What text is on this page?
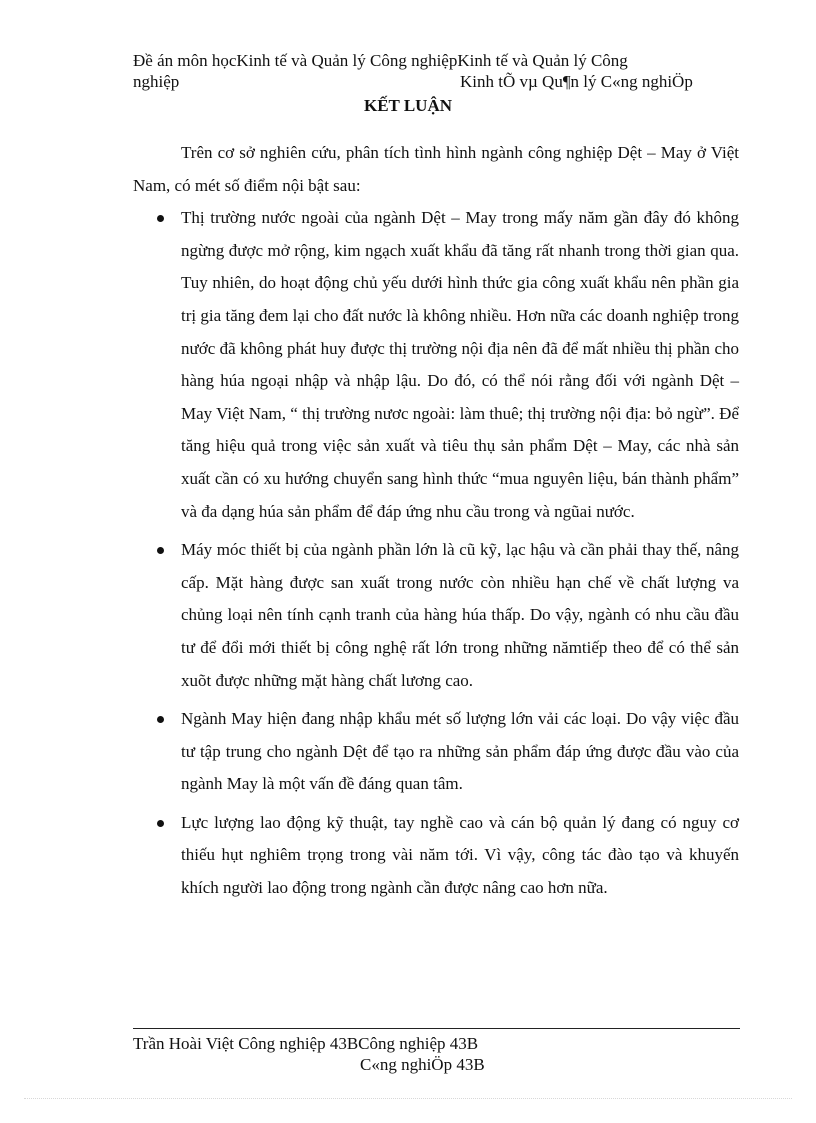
Đề án môn họcKinh tế và Quản lý Công nghiệpKinh tế và Quản lý Công
nghiệp	Kinh tÕ vµ Qu¶n lý C«ng nghiÖp
KẾT LUẬN

Trên cơ sở nghiên cứu, phân tích tình hình ngành công nghiệp Dệt – May ở Việt Nam, có mét số điểm nội bật sau:

Thị trường nước ngoài của ngành Dệt – May trong mấy năm gần đây đó không ngừng được mở rộng, kim ngạch xuất khẩu đã tăng rất nhanh trong thời gian qua. Tuy nhiên, do hoạt động chủ yếu dưới hình thức gia công xuất khẩu nên phần gia trị gia tăng đem lại cho đất nước là không nhiều. Hơn nữa các doanh nghiệp trong nước đã không phát huy được thị trường nội địa nên đã để mất nhiều thị phần cho hàng húa ngoại nhập và nhập lậu. Do đó, có thể nói rằng đối với ngành Dệt – May Việt Nam, “ thị trường nươc ngoài: làm thuê; thị trường nội địa: bỏ ngừ”. Để tăng hiệu quả trong việc sản xuất và tiêu thụ sản phẩm Dệt – May, các nhà sản xuất cần có xu hướng chuyển sang hình thức “mua nguyên liệu, bán thành phẩm” và đa dạng húa sản phẩm để đáp ứng nhu cầu trong và ngũai nước.
Máy móc thiết bị của ngành phần lớn là cũ kỹ, lạc hậu và cần phải thay thế, nâng cấp. Mặt hàng được san xuất trong nước còn nhiều hạn chế về chất lượng va chủng loại nên tính cạnh tranh của hàng húa thấp. Do vậy, ngành có nhu cầu đầu tư để đổi mới thiết bị công nghệ rất lớn trong những nămtiếp theo để có thể sản xuõt được những mặt hàng chất lương cao.
Ngành May hiện đang nhập khẩu mét số lượng lớn vải các loại. Do vậy việc đầu tư tập trung cho ngành Dệt để tạo ra những sản phẩm đáp ứng được đầu vào của ngành May là một vấn đề đáng quan tâm.
Lực lượng lao động kỹ thuật, tay nghề cao và cán bộ quản lý đang có nguy cơ thiếu hụt nghiêm trọng trong vài năm tới. Vì vậy, công tác đào tạo và khuyến khích người lao động trong ngành cần được nâng cao hơn nữa.
Trần Hoài Việt Công nghiệp 43BCông nghiệp 43B
C«ng nghiÖp 43B
